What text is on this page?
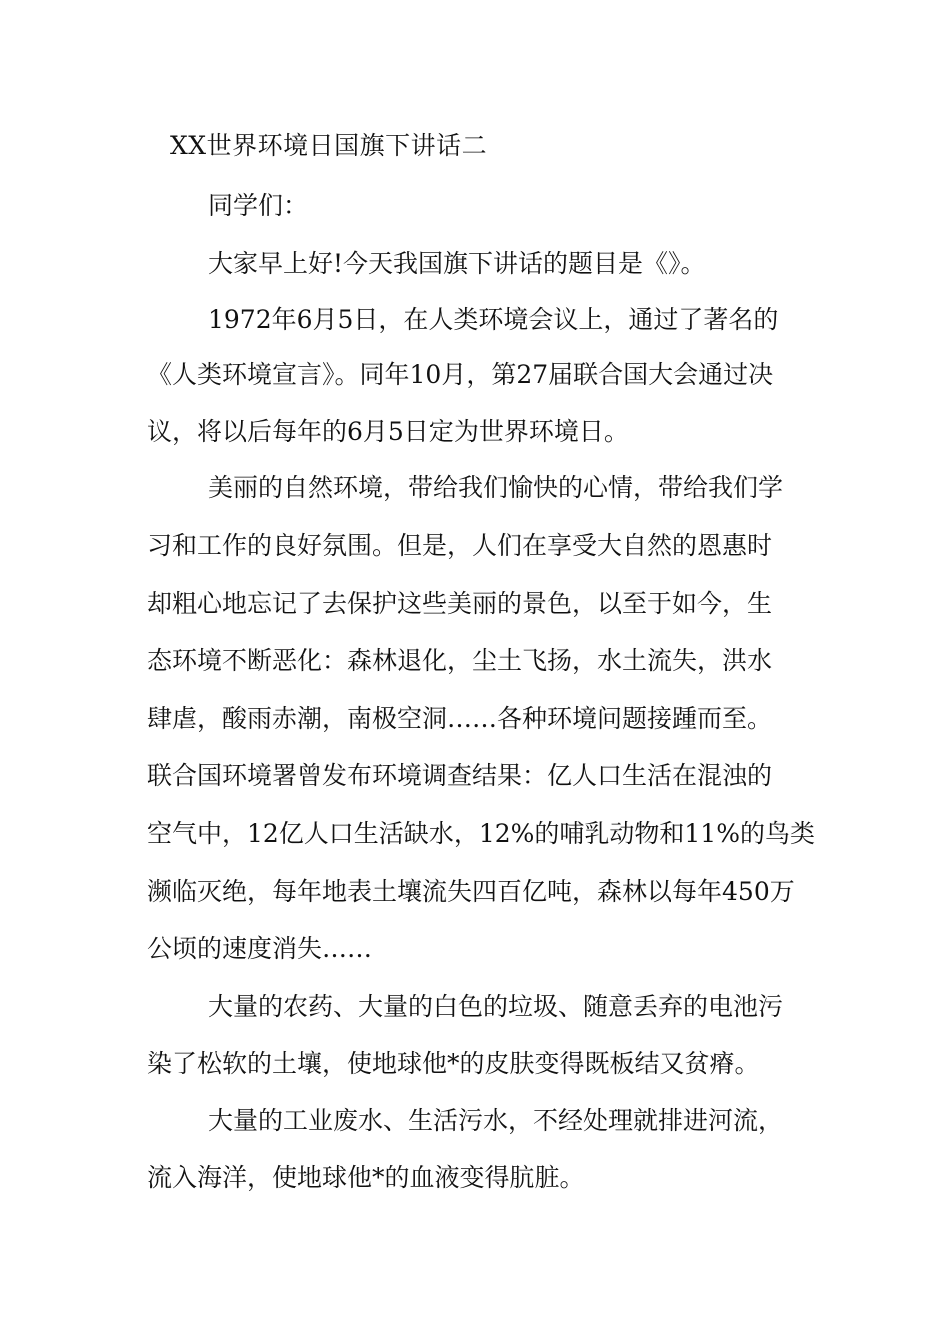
XX世界环境日国旗下讲话二
同学们：
大家早上好!今天我国旗下讲话的题目是《》。
1972年6月5日，在人类环境会议上，通过了著名的
《人类环境宣言》。同年10月，第27届联合国大会通过决
议，将以后每年的6月5日定为世界环境日。
美丽的自然环境，带给我们愉快的心情，带给我们学
习和工作的良好氛围。但是，人们在享受大自然的恩惠时
却粗心地忘记了去保护这些美丽的景色，以至于如今，生
态环境不断恶化：森林退化，尘土飞扬，水土流失，洪水
肆虐，酸雨赤潮，南极空洞……各种环境问题接踵而至。
联合国环境署曾发布环境调查结果：亿人口生活在混浊的
空气中，12亿人口生活缺水，12%的哺乳动物和11%的鸟类
濒临灭绝，每年地表土壤流失四百亿吨，森林以每年450万
公顷的速度消失……
大量的农药、大量的白色的垃圾、随意丢弃的电池污
染了松软的土壤，使地球他*的皮肤变得既板结又贫瘠。
大量的工业废水、生活污水，不经处理就排进河流，
流入海洋，使地球他*的血液变得肮脏。
